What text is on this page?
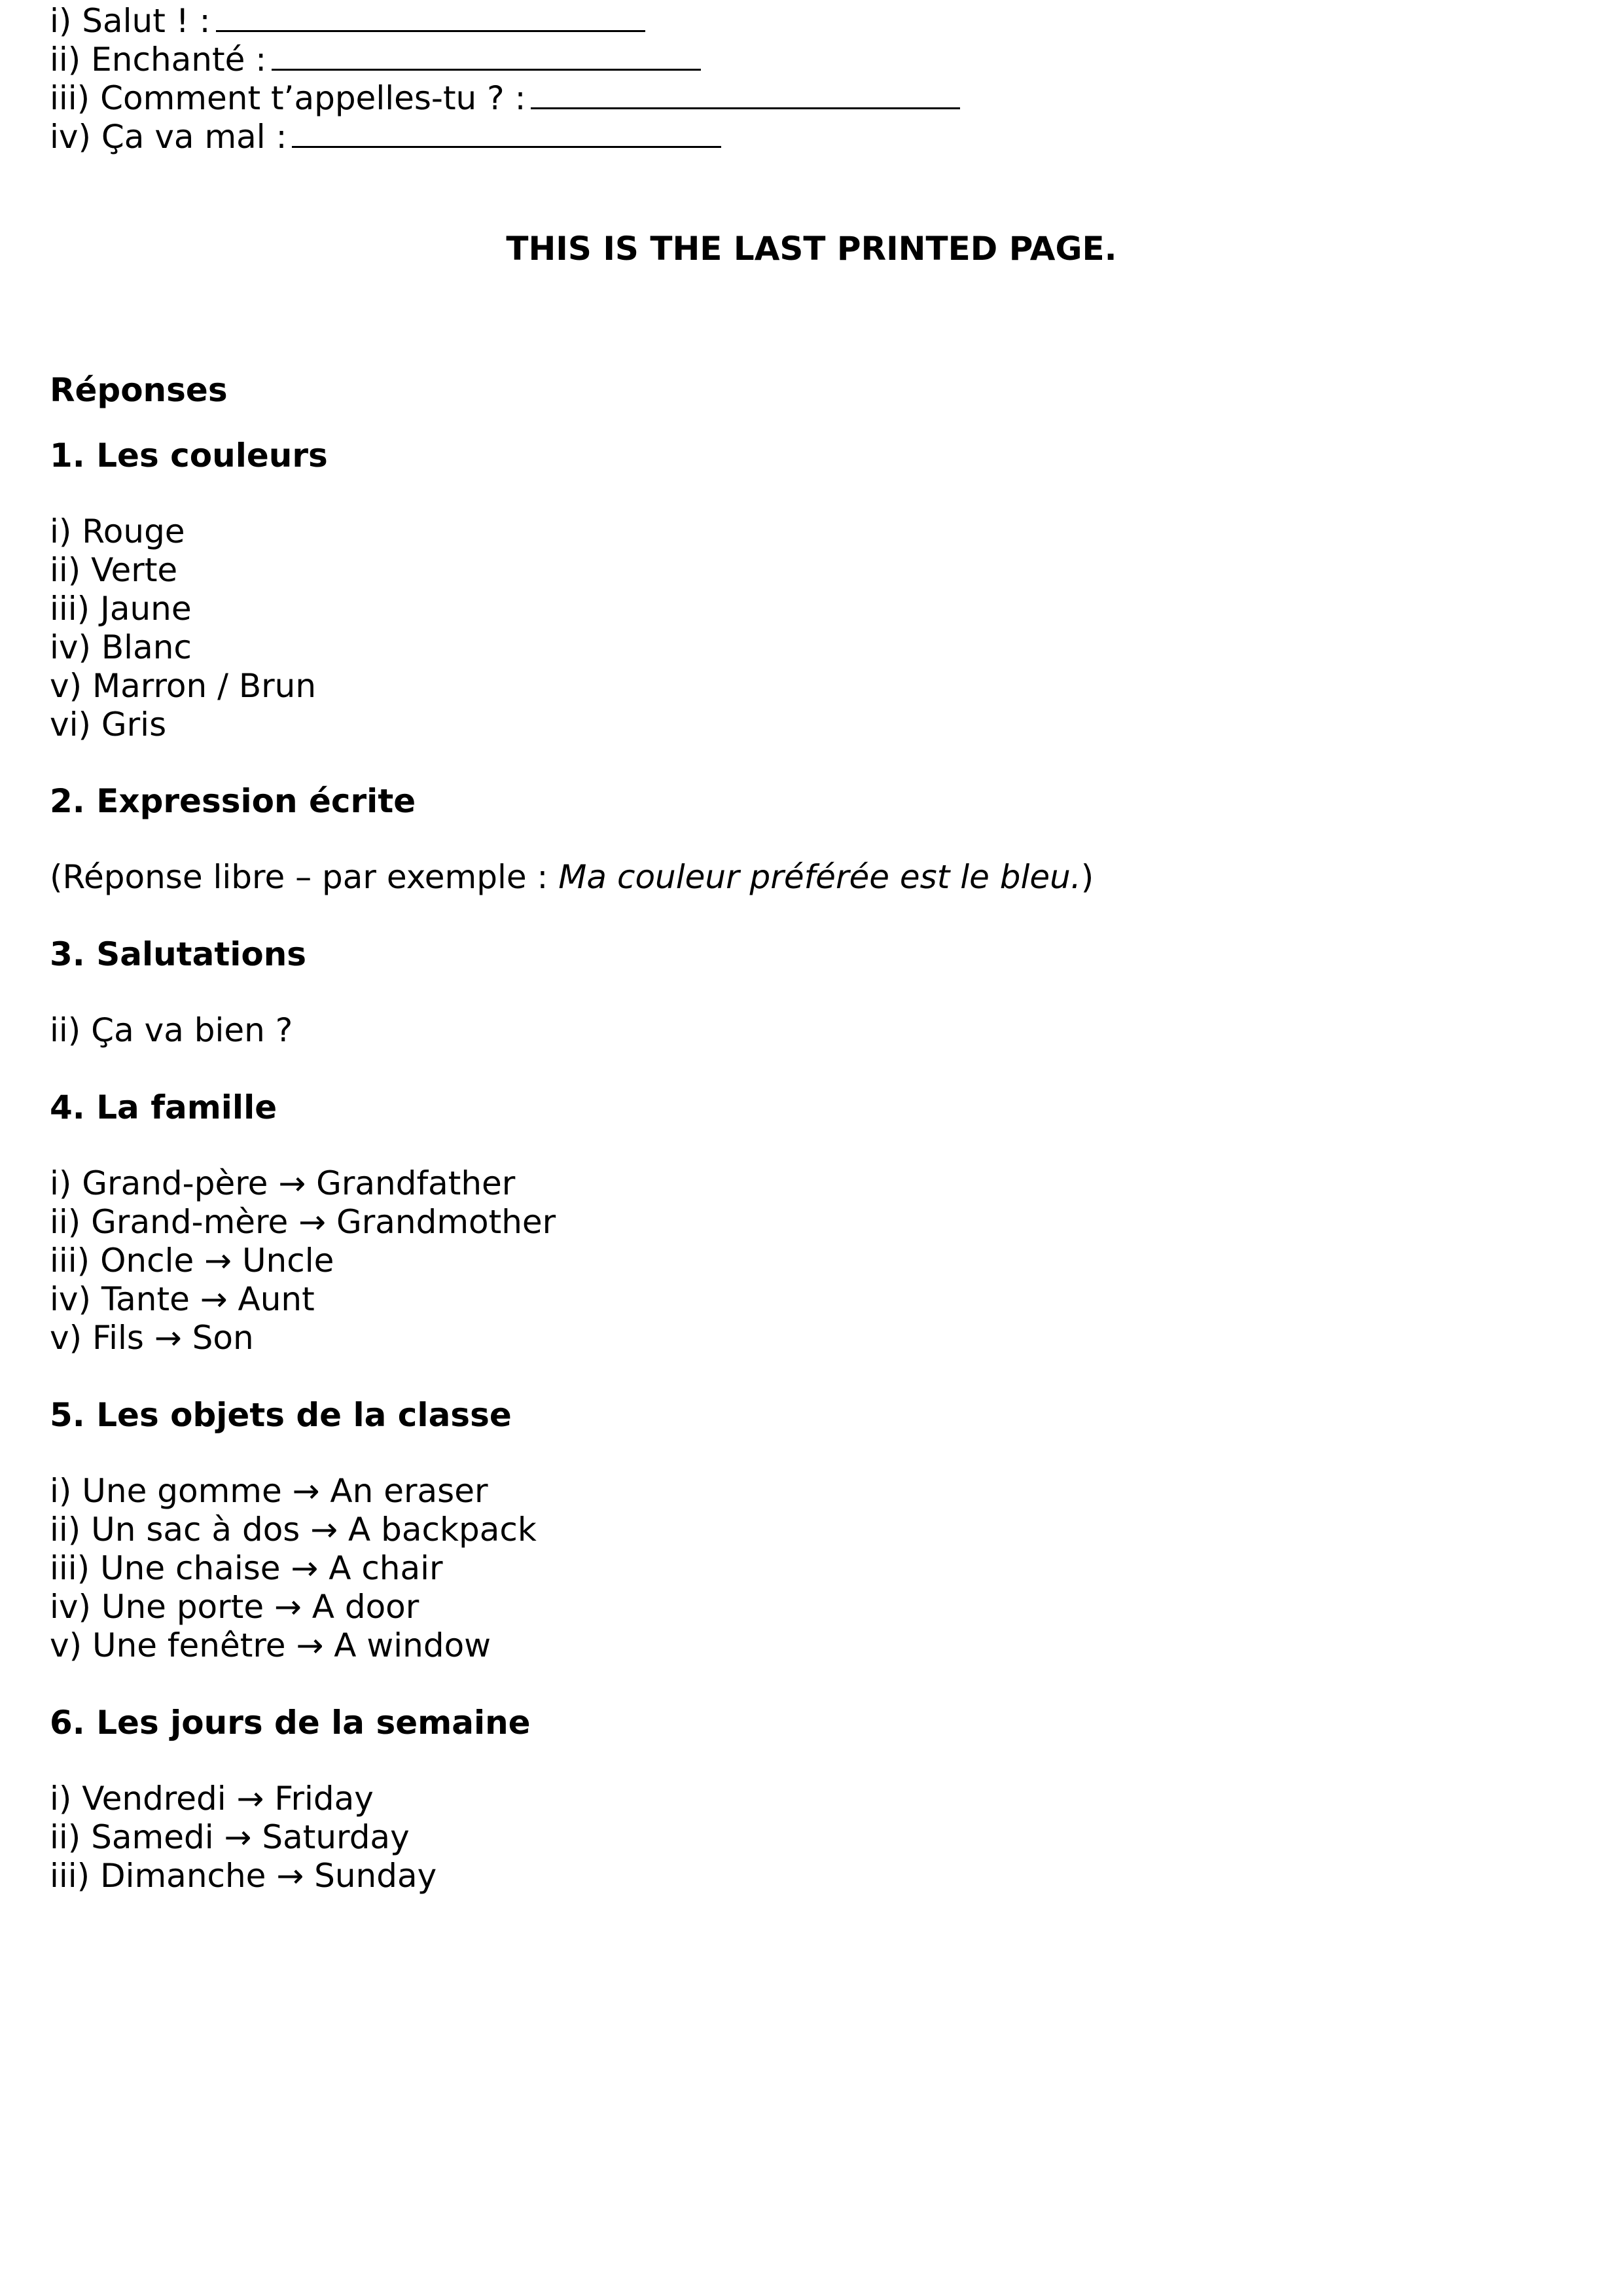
i) Salut ! :
ii) Enchanté :
iii) Comment t’appelles-tu ? :
iv) Ça va mal :
THIS IS THE LAST PRINTED PAGE.
Réponses
1. Les couleurs
i) Rouge
ii) Verte
iii) Jaune
iv) Blanc
v) Marron / Brun
vi) Gris
2. Expression écrite
(Réponse libre – par exemple : Ma couleur préférée est le bleu.)
3. Salutations
ii) Ça va bien ?
4. La famille
i) Grand-père → Grandfather
ii) Grand-mère → Grandmother
iii) Oncle → Uncle
iv) Tante → Aunt
v) Fils → Son
5. Les objets de la classe
i) Une gomme → An eraser
ii) Un sac à dos → A backpack
iii) Une chaise → A chair
iv) Une porte → A door
v) Une fenêtre → A window
6. Les jours de la semaine
i) Vendredi → Friday
ii) Samedi → Saturday
iii) Dimanche → Sunday
